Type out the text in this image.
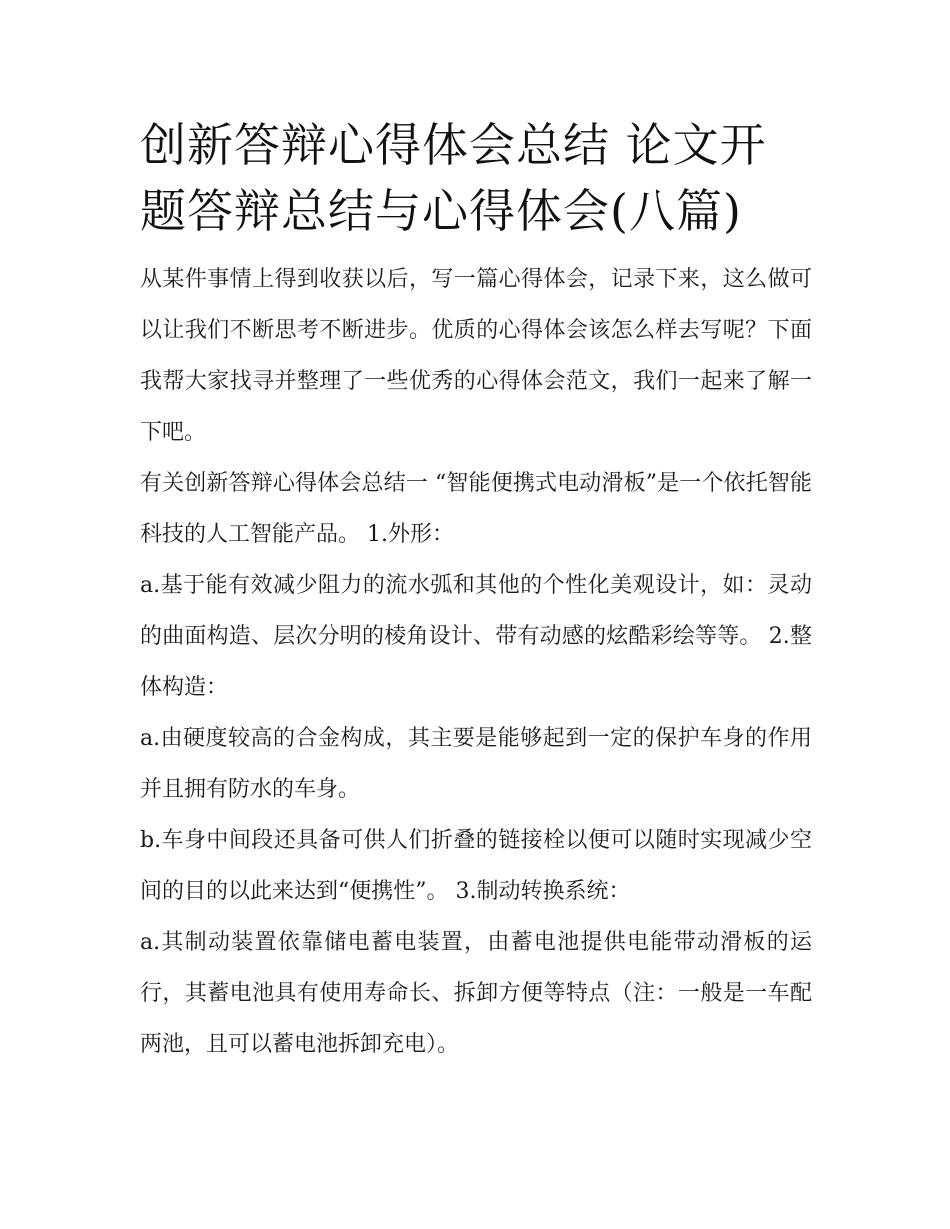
创新答辩心得体会总结 论文开题答辩总结与心得体会(八篇)

从某件事情上得到收获以后，写一篇心得体会，记录下来，这么做可以让我们不断思考不断进步。优质的心得体会该怎么样去写呢？下面我帮大家找寻并整理了一些优秀的心得体会范文，我们一起来了解一下吧。

有关创新答辩心得体会总结一 “智能便携式电动滑板”是一个依托智能科技的人工智能产品。 1.外形：

a.基于能有效减少阻力的流水弧和其他的个性化美观设计，如：灵动的曲面构造、层次分明的棱角设计、带有动感的炫酷彩绘等等。 2.整体构造：

a.由硬度较高的合金构成，其主要是能够起到一定的保护车身的作用并且拥有防水的车身。

b.车身中间段还具备可供人们折叠的链接栓以便可以随时实现减少空间的目的以此来达到“便携性”。 3.制动转换系统：

a.其制动装置依靠储电蓄电装置，由蓄电池提供电能带动滑板的运行，其蓄电池具有使用寿命长、拆卸方便等特点（注：一般是一车配两池，且可以蓄电池拆卸充电）。
